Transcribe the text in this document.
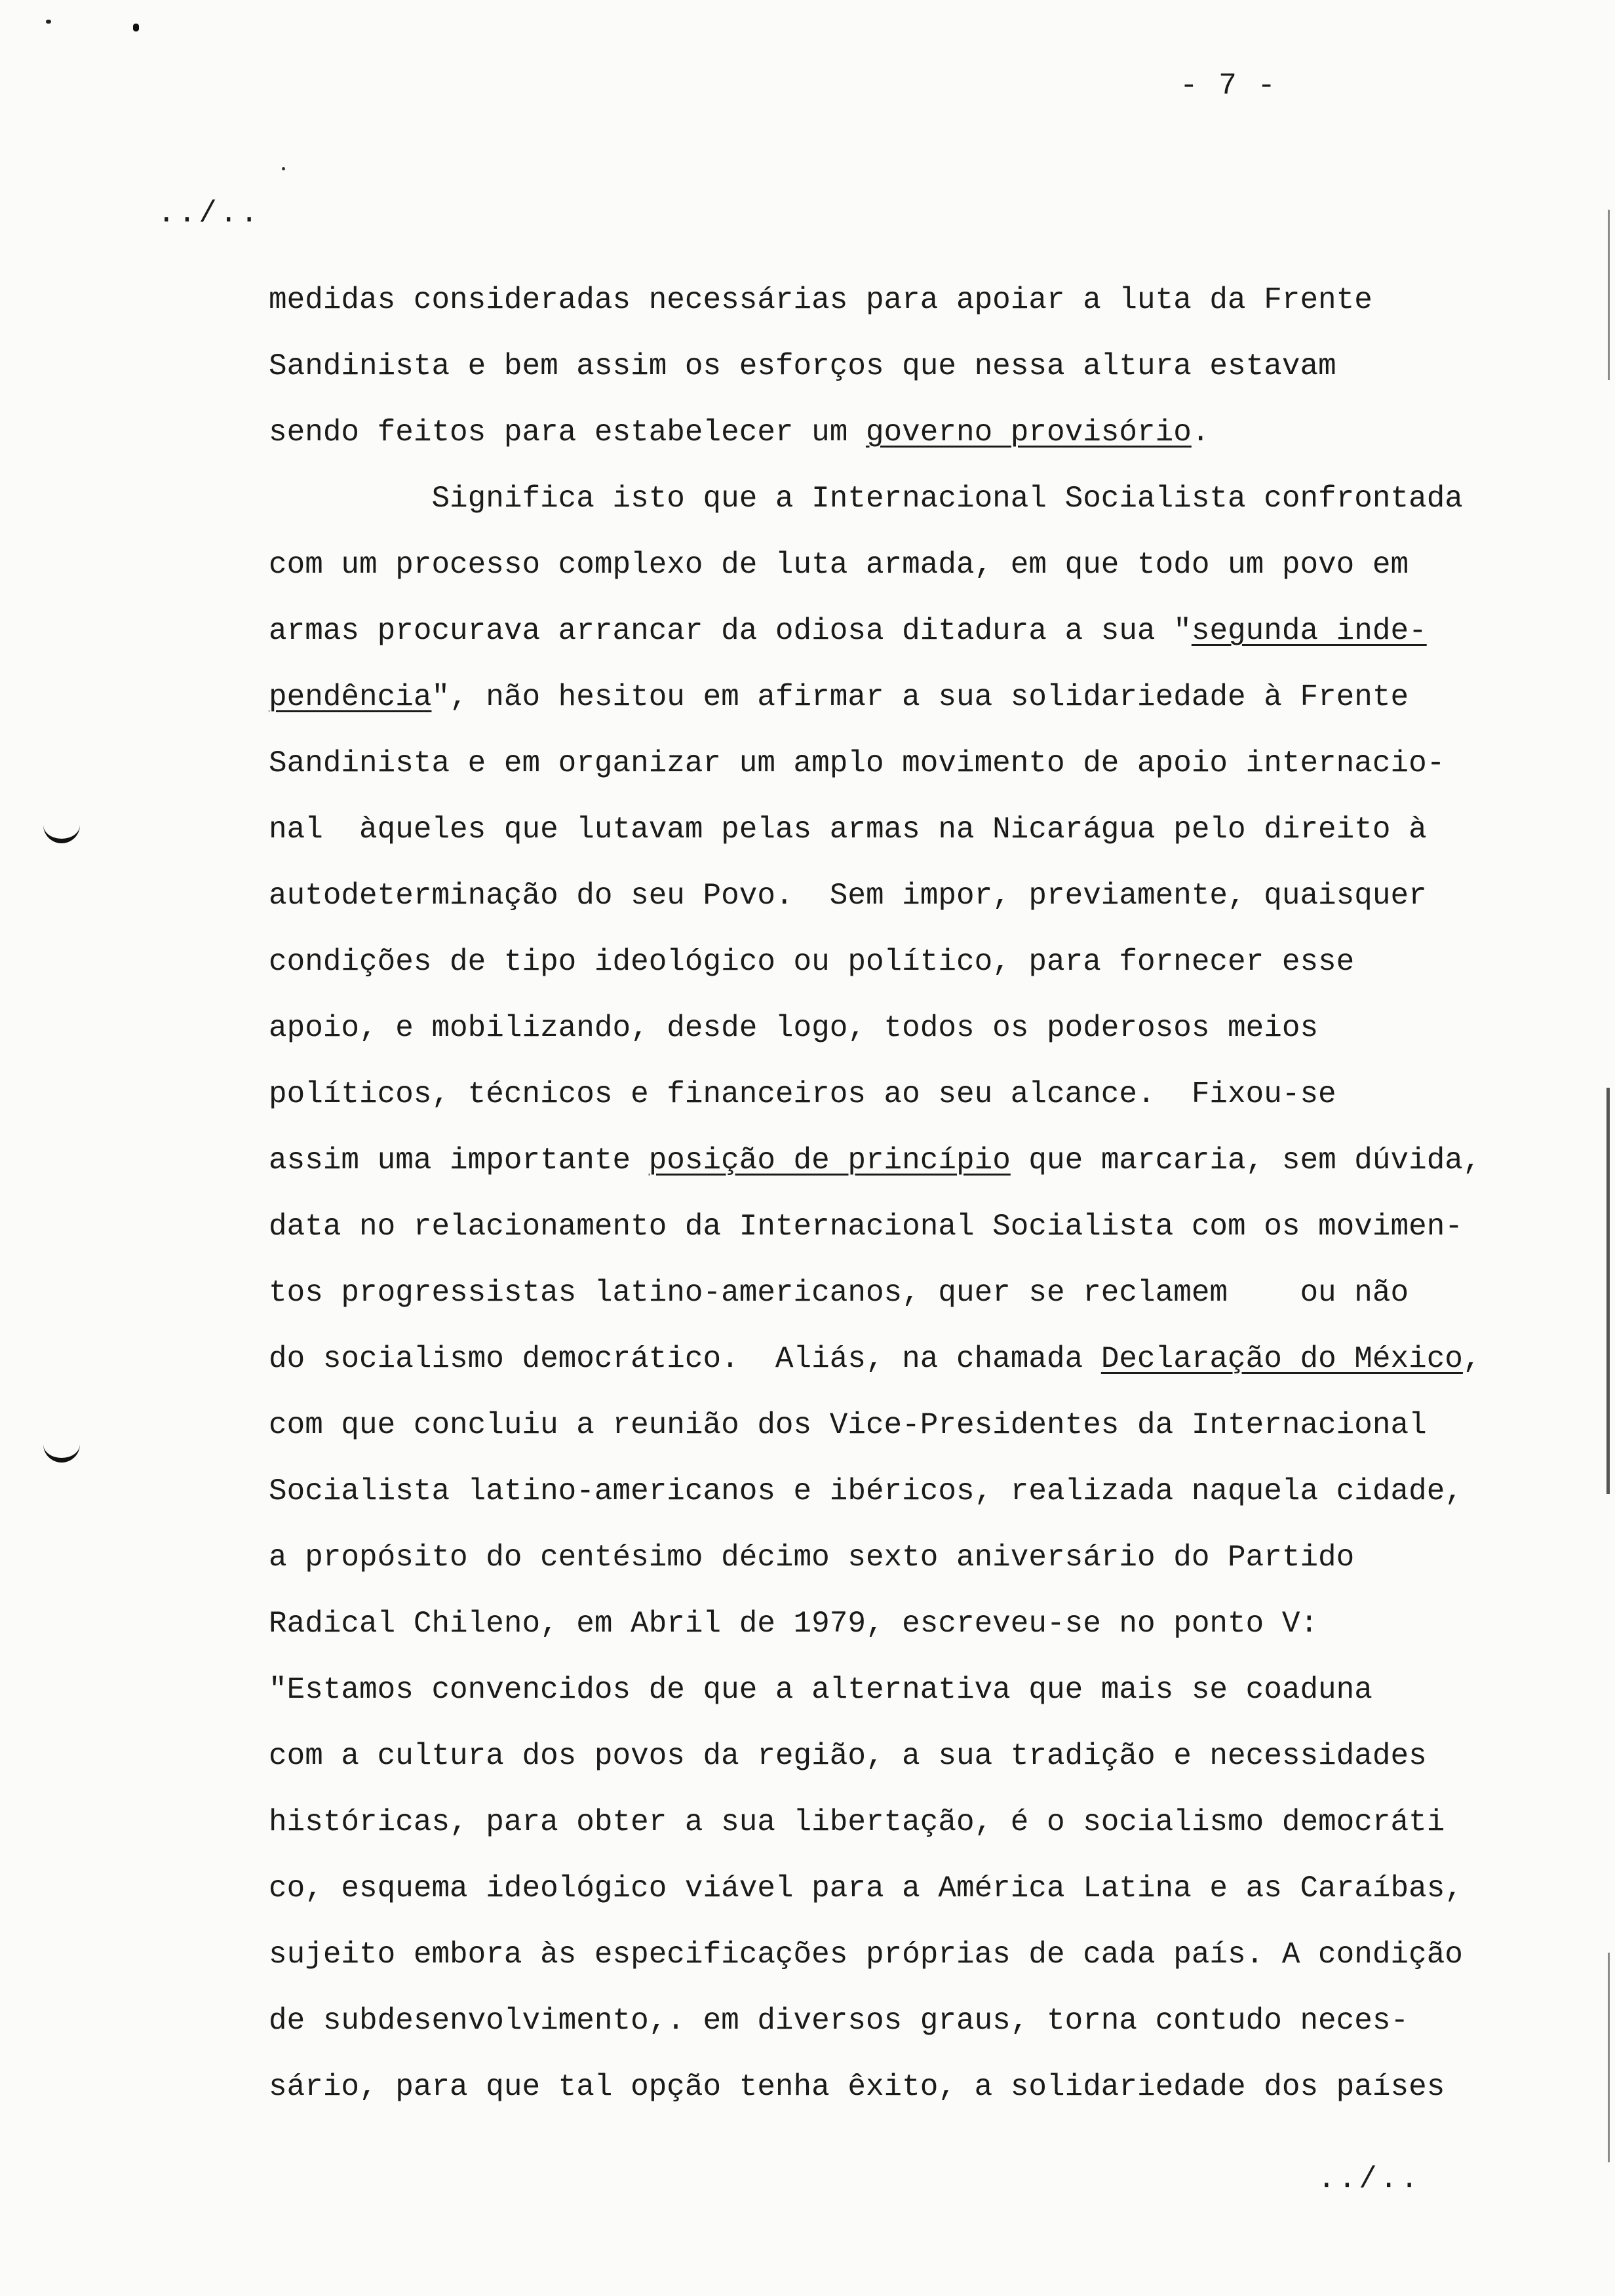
- 7 -
../..
medidas consideradas necessárias para apoiar a luta da Frente
Sandinista e bem assim os esforços que nessa altura estavam
sendo feitos para estabelecer um governo provisório.
Significa isto que a Internacional Socialista confrontada
com um processo complexo de luta armada, em que todo um povo em
armas procurava arrancar da odiosa ditadura a sua "segunda inde-
pendência", não hesitou em afirmar a sua solidariedade à Frente
Sandinista e em organizar um amplo movimento de apoio internacio-
nal  àqueles que lutavam pelas armas na Nicarágua pelo direito à
autodeterminação do seu Povo.  Sem impor, previamente, quaisquer
condições de tipo ideológico ou político, para fornecer esse
apoio, e mobilizando, desde logo, todos os poderosos meios
políticos, técnicos e financeiros ao seu alcance.  Fixou-se
assim uma importante posição de princípio que marcaria, sem dúvida,
data no relacionamento da Internacional Socialista com os movimen-
tos progressistas latino-americanos, quer se reclamem    ou não
do socialismo democrático.  Aliás, na chamada Declaração do México,
com que concluiu a reunião dos Vice-Presidentes da Internacional
Socialista latino-americanos e ibéricos, realizada naquela cidade,
a propósito do centésimo décimo sexto aniversário do Partido
Radical Chileno, em Abril de 1979, escreveu-se no ponto V:
"Estamos convencidos de que a alternativa que mais se coaduna
com a cultura dos povos da região, a sua tradição e necessidades
históricas, para obter a sua libertação, é o socialismo democráti
co, esquema ideológico viável para a América Latina e as Caraíbas,
sujeito embora às especificações próprias de cada país. A condição
de subdesenvolvimento,. em diversos graus, torna contudo neces-
sário, para que tal opção tenha êxito, a solidariedade dos países
../..
